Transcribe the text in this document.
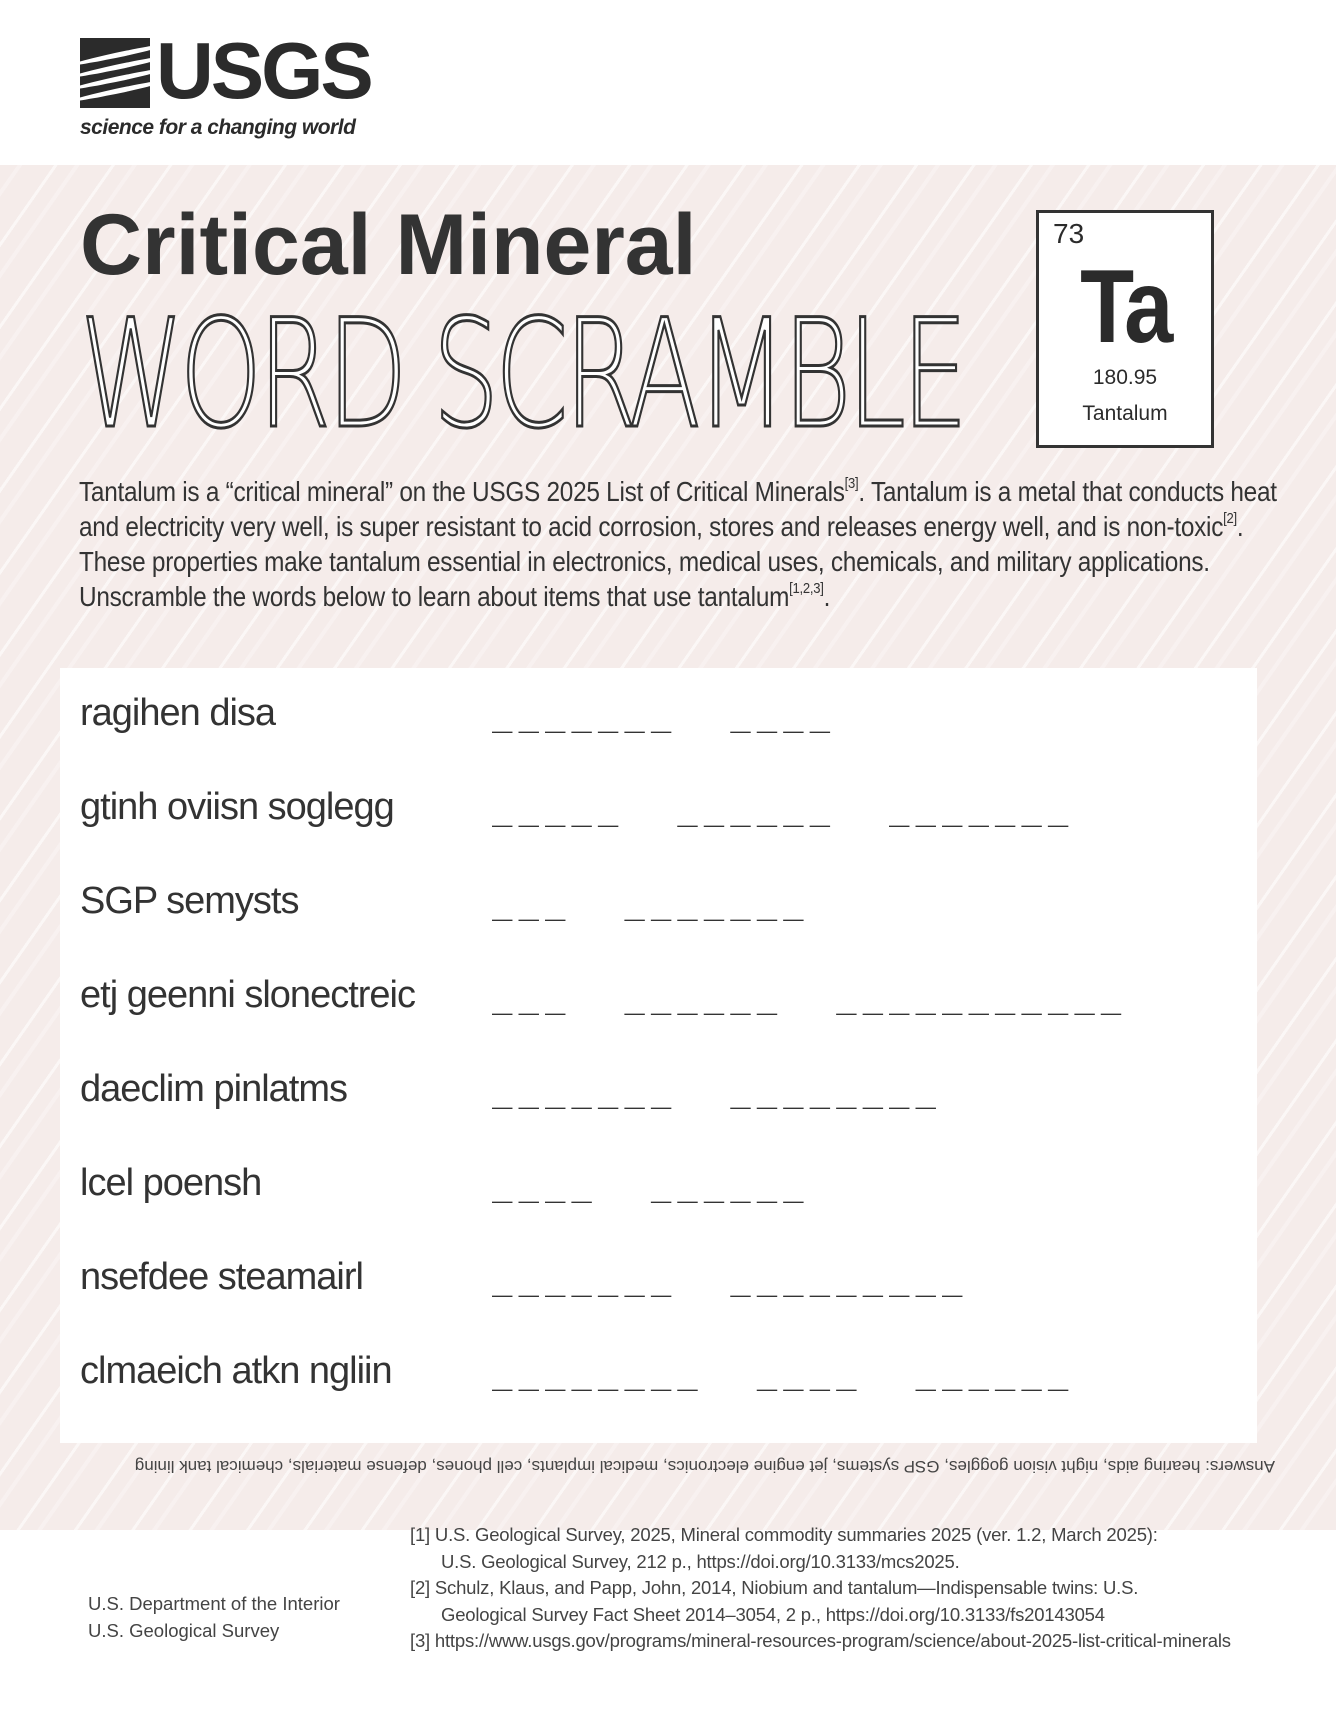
USGS
science for a changing world
Critical Mineral
WORD SCRAMBLE
73
Ta
180.95
Tantalum
Tantalum is a “critical mineral” on the USGS 2025 List of Critical Minerals[3]. Tantalum is a metal that conducts heat and electricity very well, is super resistant to acid corrosion, stores and releases energy well, and is non-toxic[2]. These properties make tantalum essential in electronics, medical uses, chemicals, and military applications.
Unscramble the words below to learn about items that use tantalum[1,2,3].
ragihen disa	_______  ____
gtinh oviisn soglegg	_____  ______  _______
SGP semysts	___  _______
etj geenni slonectreic ___  ______  ___________
daeclim pinlatms	_______  ________
lcel poensh	____  ______
nsefdee steamairl	_______  _________
clmaeich atkn ngliin	________  ____  ______
Answers: hearing aids, night vision goggles, GSP systems, jet engine electronics, medical implants, cell phones, defense materials, chemical tank lining
[1] U.S. Geological Survey, 2025, Mineral commodity summaries 2025 (ver. 1.2, March 2025):
U.S. Geological Survey, 212 p., https://doi.org/10.3133/mcs2025.
[2] Schulz, Klaus, and Papp, John, 2014, Niobium and tantalum—Indispensable twins: U.S.
Geological Survey Fact Sheet 2014–3054, 2 p., https://doi.org/10.3133/fs20143054
[3] https://www.usgs.gov/programs/mineral-resources-program/science/about-2025-list-critical-minerals
U.S. Department of the Interior
U.S. Geological Survey
